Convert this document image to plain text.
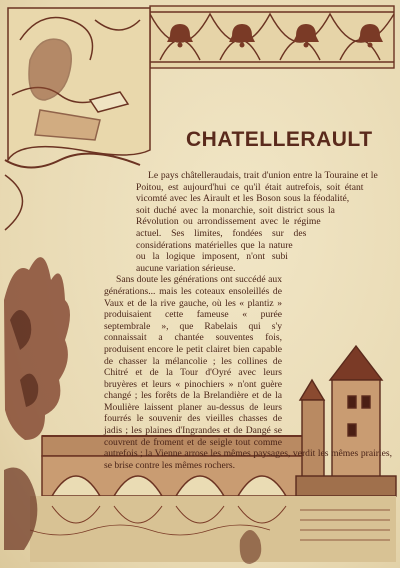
CHATELLERAULT

Le pays châtelleraudais, trait d'union entre la Touraine et le Poitou, est aujourd'hui ce qu'il était autrefois, soit étant vicomté avec les Airault et les Boson sous la féodalité, soit duché avec la monarchie, soit district sous la Révolution ou arrondissement avec le régime actuel. Ses limites, fondées sur des considérations matérielles que la nature ou la logique imposent, n'ont subi aucune variation sérieuse.

Sans doute les générations ont succédé aux générations... mais les coteaux ensoleillés de Vaux et de la rive gauche, où les « plantiz » produisaient cette fameuse « purée septembrale », que Rabelais qui s'y connaissait a chantée souventes fois, produisent encore le petit clairet bien capable de chasser la mélancolie ; les collines de Chitré et de la Tour d'Oyré avec leurs bruyères et leurs « pinochiers » n'ont guère changé ; les forêts de la Brelandière et de la Moulière laissent planer au-dessus de leurs fourrés le souvenir des vieilles chasses de jadis ; les plaines d'Ingrandes et de Dangé se couvrent de froment et de seigle tout comme autrefois ; la Vienne arrose les mêmes paysages, verdit les mêmes prairies, se brise contre les mêmes rochers.
